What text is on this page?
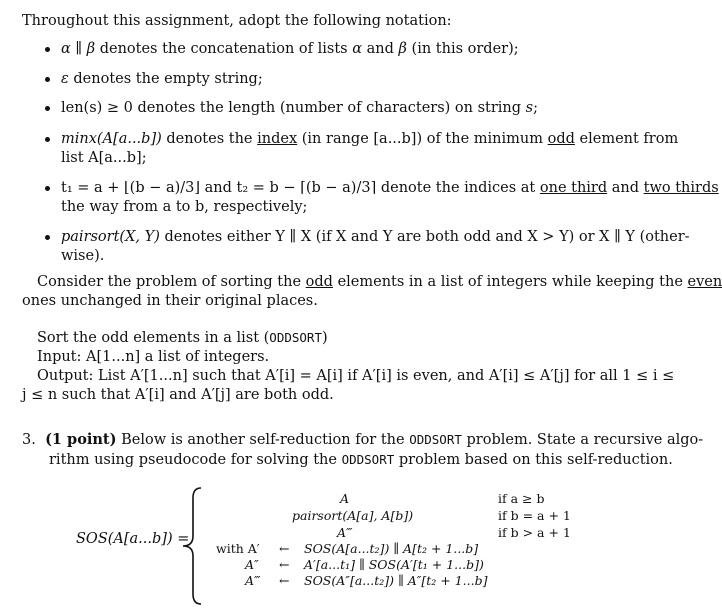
Throughout this assignment, adopt the following notation:
α ∥ β denotes the concatenation of lists α and β (in this order);
ε denotes the empty string;
len(s) ≥ 0 denotes the length (number of characters) on string s;
minx(A[a...b]) denotes the index (in range [a...b]) of the minimum odd element from
list A[a...b];
t₁ = a + ⌊(b − a)/3⌋ and t₂ = b − ⌈(b − a)/3⌉ denote the indices at one third and two thirds
the way from a to b, respectively;
pairsort(X, Y) denotes either Y ∥ X (if X and Y are both odd and X > Y) or X ∥ Y (other-
wise).
Consider the problem of sorting the odd elements in a list of integers while keeping the even
ones unchanged in their original places.
Sort the odd elements in a list (ODDSORT)
Input: A[1...n] a list of integers.
Output: List A′[1...n] such that A′[i] = A[i] if A′[i] is even, and A′[i] ≤ A′[j] for all 1 ≤ i ≤
j ≤ n such that A′[i] and A′[j] are both odd.
3. (1 point) Below is another self-reduction for the ODDSORT problem. State a recursive algo-
rithm using pseudocode for solving the ODDSORT problem based on this self-reduction.
SOS(A[a...b]) =
A
pairsort(A[a], A[b])
A‴
if a ≥ b
if b = a + 1
if b > a + 1
with A′
A″
A‴
←
←
←
SOS(A[a...t₂]) ∥ A[t₂ + 1...b]
A′[a...t₁] ∥ SOS(A′[t₁ + 1...b])
SOS(A″[a...t₂]) ∥ A″[t₂ + 1...b]
